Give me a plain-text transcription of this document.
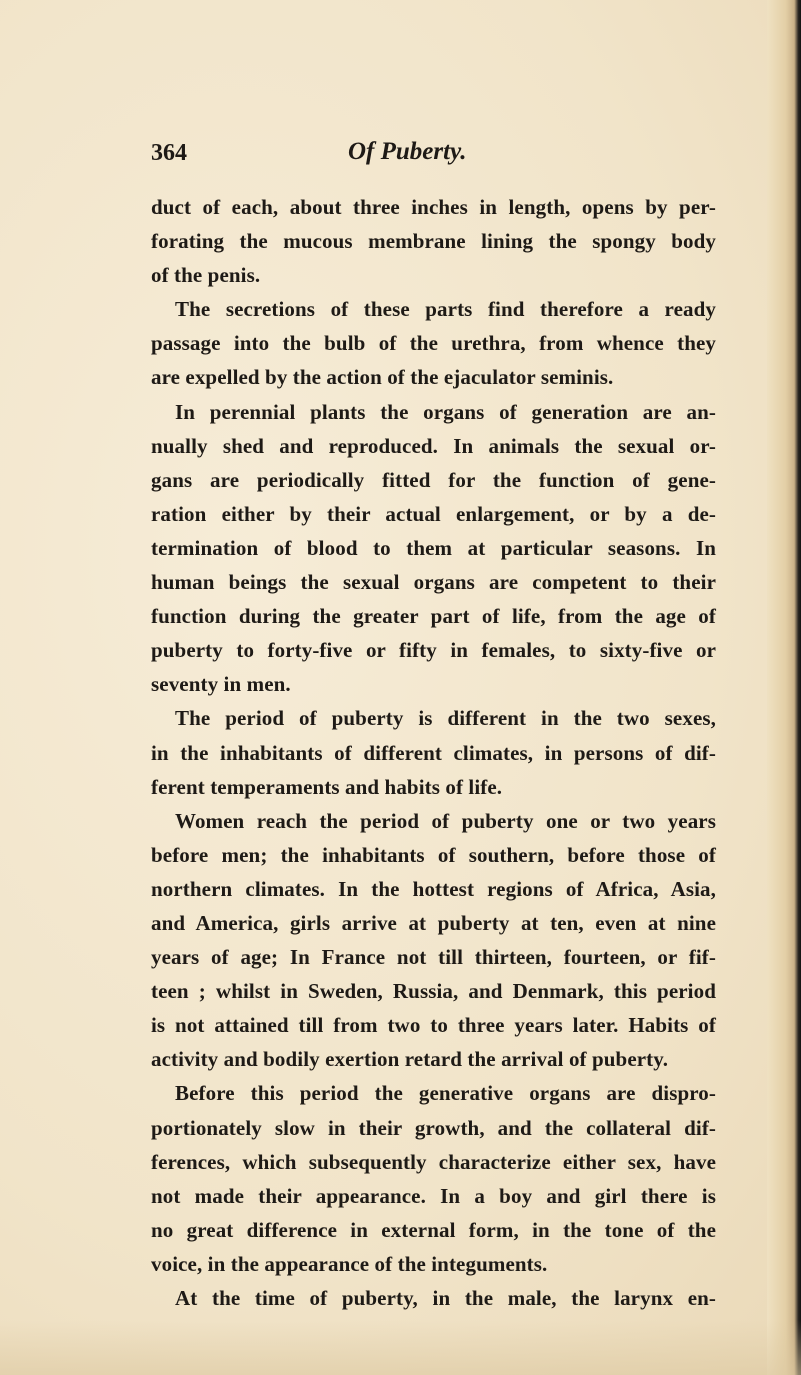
364	Of Puberty.
duct of each, about three inches in length, opens by per-
forating the mucous membrane lining the spongy body
of the penis.
The secretions of these parts find therefore a ready
passage into the bulb of the urethra, from whence they
are expelled by the action of the ejaculator seminis.
In perennial plants the organs of generation are an-
nually shed and reproduced. In animals the sexual or-
gans are periodically fitted for the function of gene-
ration either by their actual enlargement, or by a de-
termination of blood to them at particular seasons. In
human beings the sexual organs are competent to their
function during the greater part of life, from the age of
puberty to forty-five or fifty in females, to sixty-five or
seventy in men.
The period of puberty is different in the two sexes,
in the inhabitants of different climates, in persons of dif-
ferent temperaments and habits of life.
Women reach the period of puberty one or two years
before men; the inhabitants of southern, before those of
northern climates. In the hottest regions of Africa, Asia,
and America, girls arrive at puberty at ten, even at nine
years of age; In France not till thirteen, fourteen, or fif-
teen ; whilst in Sweden, Russia, and Denmark, this period
is not attained till from two to three years later. Habits of
activity and bodily exertion retard the arrival of puberty.
Before this period the generative organs are dispro-
portionately slow in their growth, and the collateral dif-
ferences, which subsequently characterize either sex, have
not made their appearance. In a boy and girl there is
no great difference in external form, in the tone of the
voice, in the appearance of the integuments.
At the time of puberty, in the male, the larynx en-
